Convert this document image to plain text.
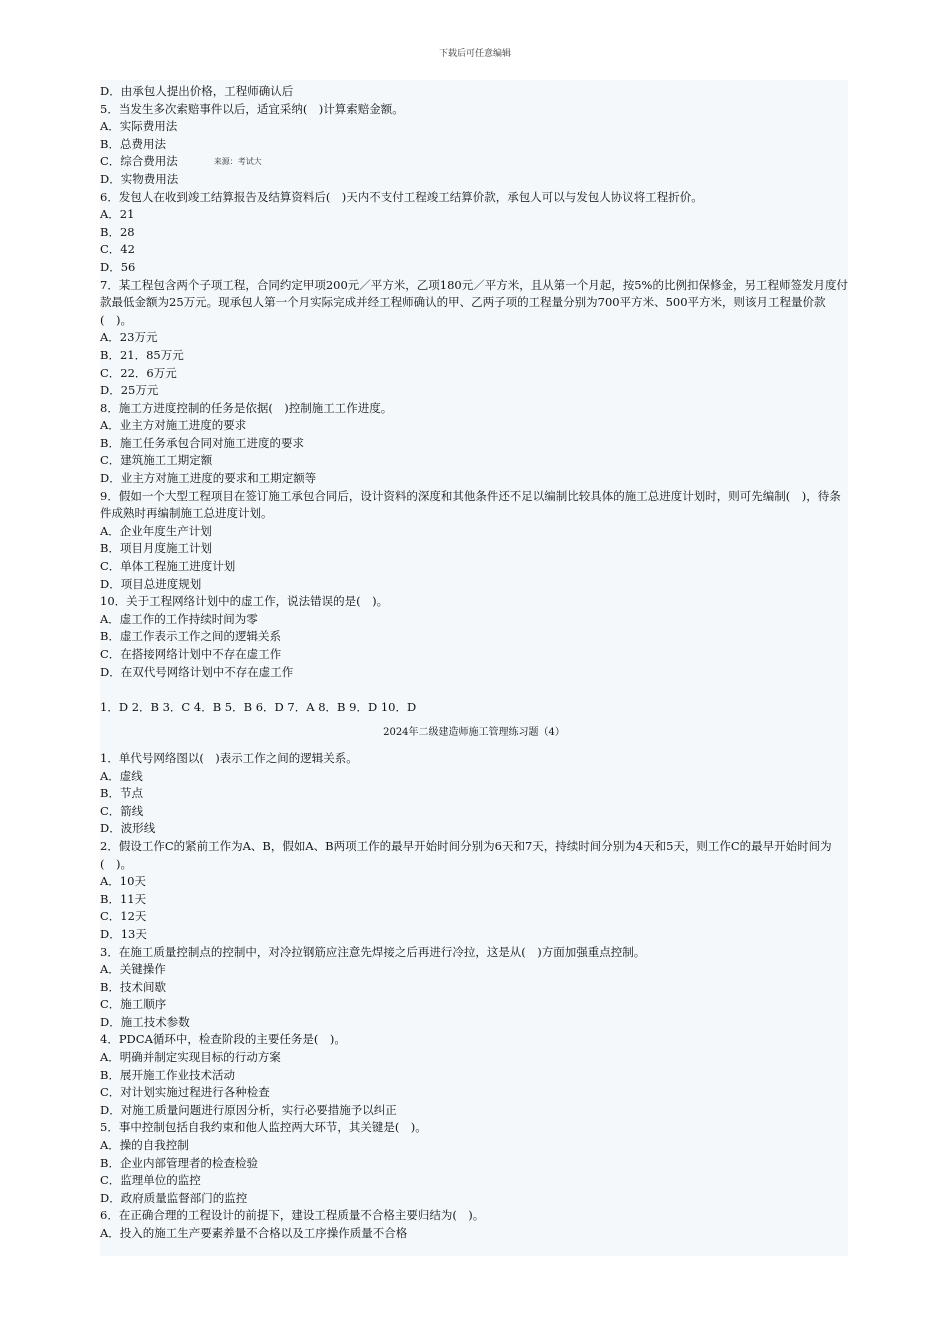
下载后可任意编辑
D．由承包人提出价格，工程师确认后
5．当发生多次索赔事件以后，适宜采纳(　)计算索赔金额。
A．实际费用法
B．总费用法
C．综合费用法	来源：考试大
D．实物费用法
6．发包人在收到竣工结算报告及结算资料后(　)天内不支付工程竣工结算价款，承包人可以与发包人协议将工程折价。
A．21
B．28
C．42
D．56
7．某工程包含两个子项工程，合同约定甲项200元／平方米，乙项180元／平方米，且从第一个月起，按5%的比例扣保修金，另工程师签发月度付款最低金额为25万元。现承包人第一个月实际完成并经工程师确认的甲、乙两子项的工程量分别为700平方米、500平方米，则该月工程量价款(　)。
A．23万元
B．21．85万元
C．22．6万元
D．25万元
8．施工方进度控制的任务是依据(　)控制施工工作进度。
A．业主方对施工进度的要求
B．施工任务承包合同对施工进度的要求
C．建筑施工工期定额
D．业主方对施工进度的要求和工期定额等
9．假如一个大型工程项目在签订施工承包合同后，设计资料的深度和其他条件还不足以编制比较具体的施工总进度计划时，则可先编制(　)，待条件成熟时再编制施工总进度计划。
A．企业年度生产计划
B．项目月度施工计划
C．单体工程施工进度计划
D．项目总进度规划
10．关于工程网络计划中的虚工作，说法错误的是(　)。
A．虚工作的工作持续时间为零
B．虚工作表示工作之间的逻辑关系
C．在搭接网络计划中不存在虚工作
D．在双代号网络计划中不存在虚工作
1．D 2．B 3．C 4．B 5．B 6．D 7．A 8．B 9．D 10．D
2024年二级建造师施工管理练习题（4）
1．单代号网络图以(　)表示工作之间的逻辑关系。
A．虚线
B．节点
C．箭线
D．波形线
2．假设工作C的紧前工作为A、B，假如A、B两项工作的最早开始时间分别为6天和7天，持续时间分别为4天和5天，则工作C的最早开始时间为(　)。
A．10天
B．11天
C．12天
D．13天
3．在施工质量控制点的控制中，对冷拉钢筋应注意先焊接之后再进行冷拉，这是从(　)方面加强重点控制。
A．关键操作
B．技术间歇
C．施工顺序
D．施工技术参数
4．PDCA循环中，检查阶段的主要任务是(　)。
A．明确并制定实现目标的行动方案
B．展开施工作业技术活动
C．对计划实施过程进行各种检查
D．对施工质量问题进行原因分析，实行必要措施予以纠正
5．事中控制包括自我约束和他人监控两大环节，其关键是(　)。
A．操的自我控制
B．企业内部管理者的检查检验
C．监理单位的监控
D．政府质量监督部门的监控
6．在正确合理的工程设计的前提下，建设工程质量不合格主要归结为(　)。
A．投入的施工生产要素养量不合格以及工序操作质量不合格
